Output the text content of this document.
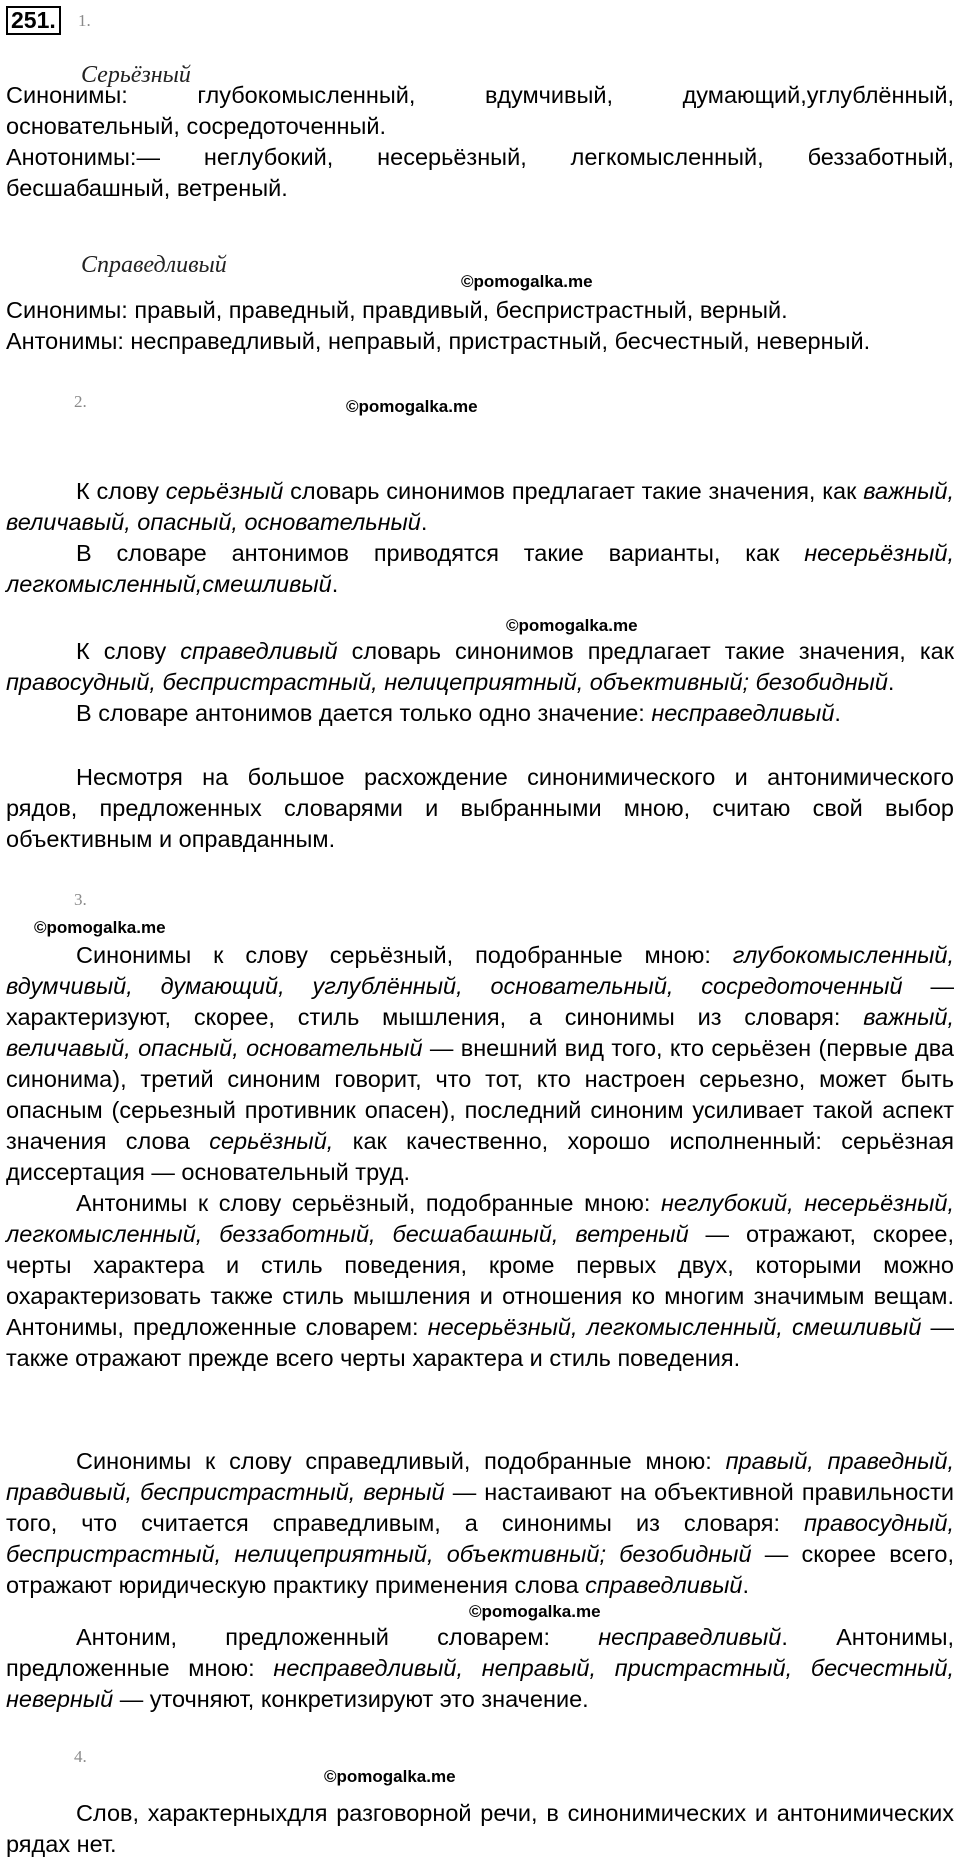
251. 1.
Серьёзный

Синонимы: глубокомысленный, вдумчивый, думающий,углублённый,

основательный, сосредоточенный.

Анотонимы:— неглубокий, несерьёзный, легкомысленный, беззаботный,

бесшабашный, ветреный.

Справедливый
©pomogalka.me

Синонимы: правый, праведный, правдивый, беспристрастный, верный.

Антонимы: несправедливый, неправый, пристрастный, бесчестный, неверный.

2.	©pomogalka.me

К слову серьёзный словарь синонимов предлагает такие значения, как важный, величавый, опасный, основательный.

В словаре антонимов приводятся такие варианты, как несерьёзный, легкомысленный,смешливый.

©pomogalka.me

К слову справедливый словарь синонимов предлагает такие значения, как правосудный, беспристрастный, нелицеприятный, объективный; безобидный.

В словаре антонимов дается только одно значение: несправедливый.

Несмотря на большое расхождение синонимического и антонимического рядов, предложенных словарями и выбранными мною, считаю свой выбор объективным и оправданным.

3.
©pomogalka.me

Синонимы к слову серьёзный, подобранные мною: глубокомысленный, вдумчивый, думающий, углублённый, основательный, сосредоточенный — характеризуют, скорее, стиль мышления, а синонимы из словаря: важный, величавый, опасный, основательный — внешний вид того, кто серьёзен (первые два синонима), третий синоним говорит, что тот, кто настроен серьезно, может быть опасным (серьезный противник опасен), последний синоним усиливает такой аспект значения слова серьёзный, как качественно, хорошо исполненный: серьёзная диссертация — основательный труд.

Антонимы к слову серьёзный, подобранные мною: неглубокий, несерьёзный, легкомысленный, беззаботный, бесшабашный, ветреный — отражают, скорее, черты характера и стиль поведения, кроме первых двух, которыми можно охарактеризовать также стиль мышления и отношения ко многим значимым вещам. Антонимы, предложенные словарем: несерьёзный, легкомысленный, смешливый — также отражают прежде всего черты характера и стиль поведения.

Синонимы к слову справедливый, подобранные мною: правый, праведный, правдивый, беспристрастный, верный — настаивают на объективной правильности того, что считается справедливым, а синонимы из словаря: правосудный, беспристрастный, нелицеприятный, объективный; безобидный — скорее всего, отражают юридическую практику применения слова справедливый.

©pomogalka.me

Антоним, предложенный словарем: несправедливый. Антонимы, предложенные мною: несправедливый, неправый, пристрастный, бесчестный, неверный — уточняют, конкретизируют это значение.

4.
©pomogalka.me

Слов, характерныхдля разговорной речи, в синонимических и антонимических рядах нет.
